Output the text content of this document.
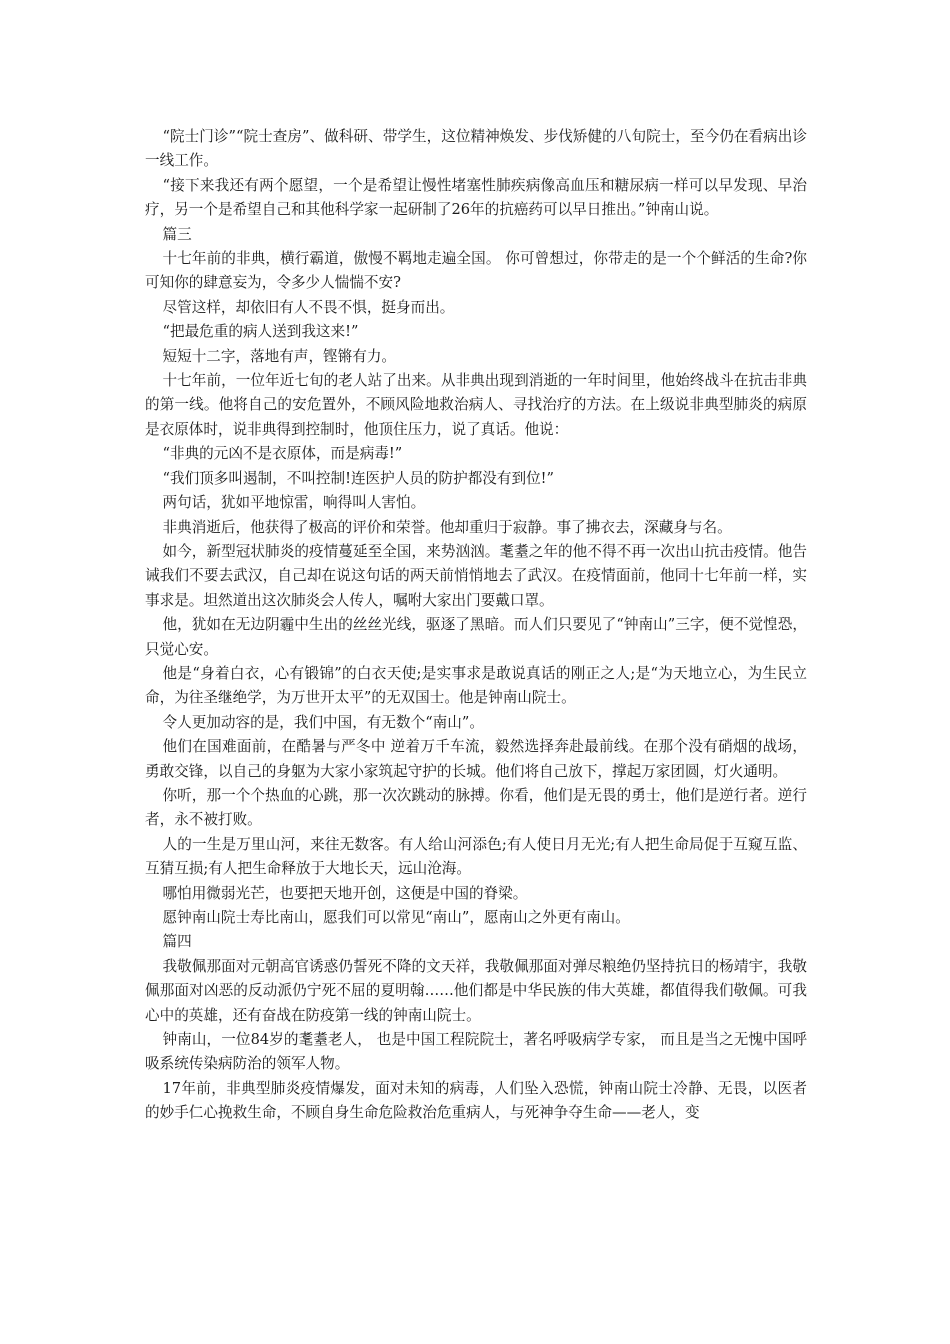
“院士门诊”“院士查房”、做科研、带学生，这位精神焕发、步伐矫健的八旬院士，至今仍在看病出诊一线工作。

“接下来我还有两个愿望，一个是希望让慢性堵塞性肺疾病像高血压和糖尿病一样可以早发现、早治疗，另一个是希望自己和其他科学家一起研制了26年的抗癌药可以早日推出。”钟南山说。

篇三

十七年前的非典，横行霸道，傲慢不羁地走遍全国。 你可曾想过，你带走的是一个个鲜活的生命?你可知你的肆意妄为，令多少人惴惴不安?

尽管这样，却依旧有人不畏不惧，挺身而出。

“把最危重的病人送到我这来!”

短短十二字，落地有声，铿锵有力。

十七年前，一位年近七旬的老人站了出来。从非典出现到消逝的一年时间里，他始终战斗在抗击非典的第一线。他将自己的安危置外，不顾风险地救治病人、寻找治疗的方法。在上级说非典型肺炎的病原是衣原体时，说非典得到控制时，他顶住压力，说了真话。他说：

“非典的元凶不是衣原体，而是病毒!”

“我们顶多叫遏制，不叫控制!连医护人员的防护都没有到位!”

两句话，犹如平地惊雷，响得叫人害怕。

非典消逝后，他获得了极高的评价和荣誉。他却重归于寂静。事了拂衣去，深藏身与名。

如今，新型冠状肺炎的疫情蔓延至全国，来势汹汹。耄耋之年的他不得不再一次出山抗击疫情。他告诫我们不要去武汉，自己却在说这句话的两天前悄悄地去了武汉。在疫情面前，他同十七年前一样，实事求是。坦然道出这次肺炎会人传人，嘱咐大家出门要戴口罩。

他，犹如在无边阴霾中生出的丝丝光线，驱逐了黑暗。而人们只要见了“钟南山”三字，便不觉惶恐，只觉心安。

他是“身着白衣，心有锻锦”的白衣天使;是实事求是敢说真话的刚正之人;是“为天地立心，为生民立命，为往圣继绝学，为万世开太平”的无双国士。他是钟南山院士。

令人更加动容的是，我们中国，有无数个“南山”。

他们在国难面前，在酷暑与严冬中 逆着万千车流，毅然选择奔赴最前线。在那个没有硝烟的战场，勇敢交锋，以自己的身躯为大家小家筑起守护的长城。他们将自己放下，撑起万家团圆，灯火通明。

你听，那一个个热血的心跳，那一次次跳动的脉搏。你看，他们是无畏的勇士，他们是逆行者。逆行者，永不被打败。

人的一生是万里山河，来往无数客。有人给山河添色;有人使日月无光;有人把生命局促于互窥互监、互猜互损;有人把生命释放于大地长天，远山沧海。

哪怕用微弱光芒，也要把天地开创，这便是中国的脊梁。

愿钟南山院士寿比南山，愿我们可以常见“南山”，愿南山之外更有南山。

篇四

我敬佩那面对元朝高官诱惑仍誓死不降的文天祥，我敬佩那面对弹尽粮绝仍坚持抗日的杨靖宇，我敬佩那面对凶恶的反动派仍宁死不屈的夏明翰……他们都是中华民族的伟大英雄，都值得我们敬佩。可我心中的英雄，还有奋战在防疫第一线的钟南山院士。

钟南山，一位84岁的耄耋老人， 也是中国工程院院士，著名呼吸病学专家， 而且是当之无愧中国呼吸系统传染病防治的领军人物。

17年前，非典型肺炎疫情爆发，面对未知的病毒，人们坠入恐慌，钟南山院士冷静、无畏，以医者的妙手仁心挽救生命，不顾自身生命危险救治危重病人，与死神争夺生命——老人，变
